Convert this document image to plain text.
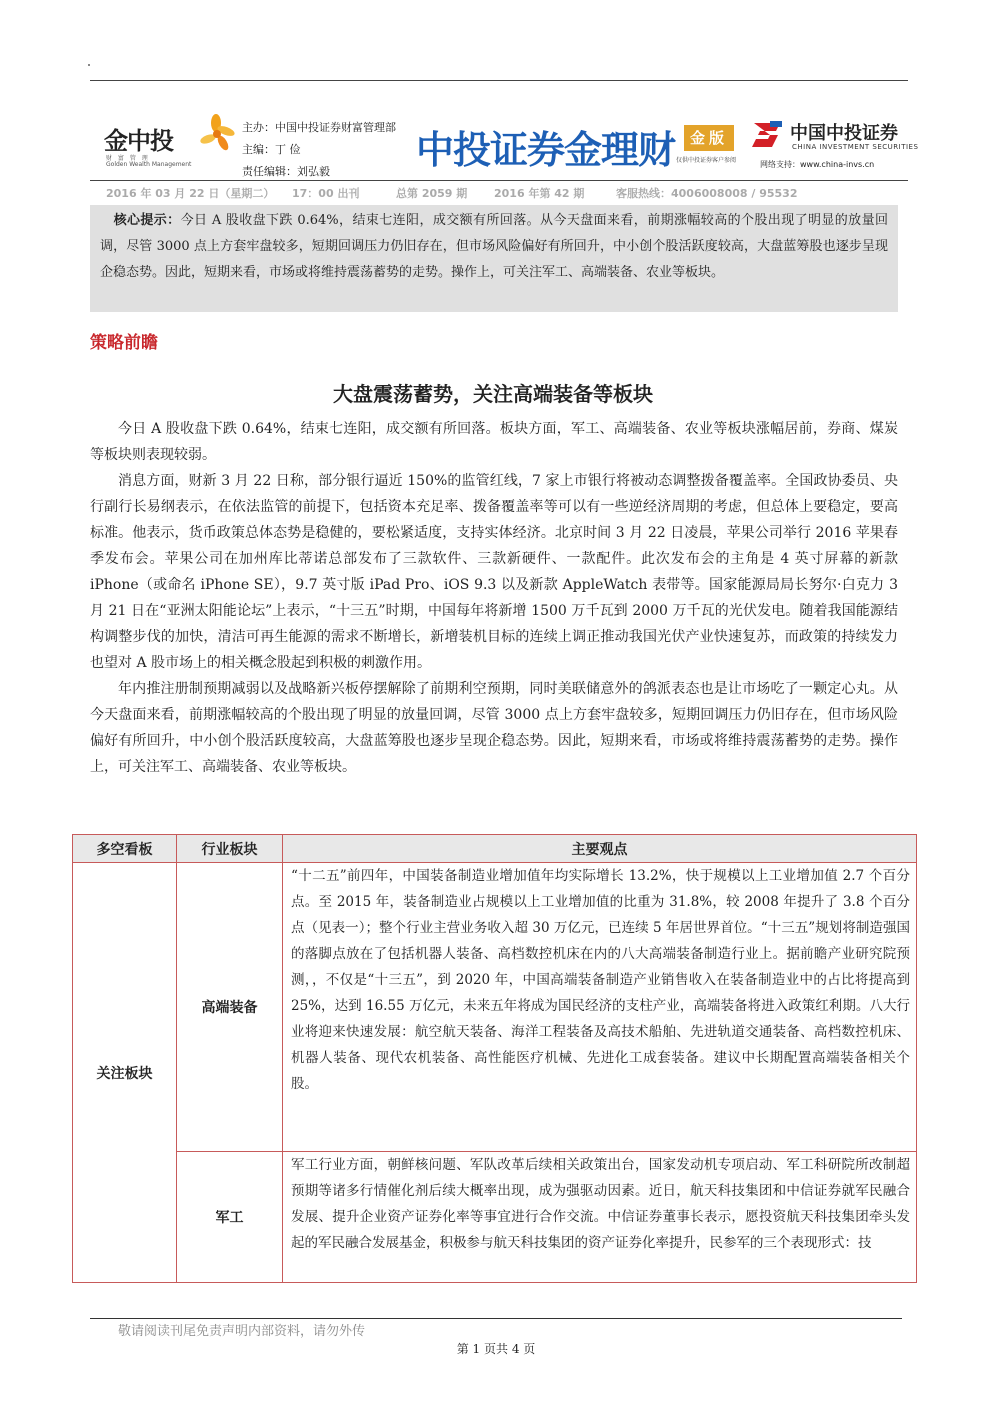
金中投
财 富 管 理
Golden Wealth Management
主办：中国中投证券财富管理部
主编：丁 俭
责任编辑：刘弘毅 中投证券金理财 金版
仅供中投证券客户参阅
中国中投证券
CHINA INVESTMENT SECURITIES
网络支持：www.china-invs.cn
2016 年 03 月 22 日（星期二） 17：00 出刊	总第 2059 期 2016 年第 42 期	客服热线：4006008008 / 95532
核心提示：今日 A 股收盘下跌 0.64%，结束七连阳，成交额有所回落。从今天盘面来看，前期涨幅较高的个股出现了明显的放量回调，尽管 3000 点上方套牢盘较多，短期回调压力仍旧存在，但市场风险偏好有所回升，中小创个股活跃度较高，大盘蓝筹股也逐步呈现企稳态势。因此，短期来看，市场或将维持震荡蓄势的走势。操作上，可关注军工、高端装备、农业等板块。
策略前瞻
大盘震荡蓄势，关注高端装备等板块

今日 A 股收盘下跌 0.64%，结束七连阳，成交额有所回落。板块方面，军工、高端装备、农业等板块涨幅居前，券商、煤炭等板块则表现较弱。

消息方面，财新 3 月 22 日称，部分银行逼近 150%的监管红线，7 家上市银行将被动态调整拨备覆盖率。全国政协委员、央行副行长易纲表示，在依法监管的前提下，包括资本充足率、拨备覆盖率等可以有一些逆经济周期的考虑，但总体上要稳定，要高标准。他表示，货币政策总体态势是稳健的，要松紧适度，支持实体经济。北京时间 3 月 22 日凌晨，苹果公司举行 2016 苹果春季发布会。苹果公司在加州库比蒂诺总部发布了三款软件、三款新硬件、一款配件。此次发布会的主角是 4 英寸屏幕的新款 iPhone（或命名 iPhone SE），9.7 英寸版 iPad Pro、iOS 9.3 以及新款 AppleWatch 表带等。国家能源局局长努尔·白克力 3 月 21 日在“亚洲太阳能论坛”上表示，“十三五”时期，中国每年将新增 1500 万千瓦到 2000 万千瓦的光伏发电。随着我国能源结构调整步伐的加快，清洁可再生能源的需求不断增长，新增装机目标的连续上调正推动我国光伏产业快速复苏，而政策的持续发力也望对 A 股市场上的相关概念股起到积极的刺激作用。

年内推注册制预期减弱以及战略新兴板停摆解除了前期利空预期，同时美联储意外的鸽派表态也是让市场吃了一颗定心丸。从今天盘面来看，前期涨幅较高的个股出现了明显的放量回调，尽管 3000 点上方套牢盘较多，短期回调压力仍旧存在，但市场风险偏好有所回升，中小创个股活跃度较高，大盘蓝筹股也逐步呈现企稳态势。因此，短期来看，市场或将维持震荡蓄势的走势。操作上，可关注军工、高端装备、农业等板块。

多空看板	行业板块	主要观点
关注板块	高端装备	“十二五”前四年，中国装备制造业增加值年均实际增长 13.2%，快于规模以上工业增加值 2.7 个百分点。至 2015 年，装备制造业占规模以上工业增加值的比重为 31.8%，较 2008 年提升了 3.8 个百分点（见表一）；整个行业主营业务收入超 30 万亿元，已连续 5 年居世界首位。“十三五”规划将制造强国的落脚点放在了包括机器人装备、高档数控机床在内的八大高端装备制造行业上。据前瞻产业研究院预测，，不仅是“十三五”，到 2020 年，中国高端装备制造产业销售收入在装备制造业中的占比将提高到 25%，达到 16.55 万亿元，未来五年将成为国民经济的支柱产业，高端装备将进入政策红利期。八大行业将迎来快速发展：航空航天装备、海洋工程装备及高技术船舶、先进轨道交通装备、高档数控机床、机器人装备、现代农机装备、高性能医疗机械、先进化工成套装备。建议中长期配置高端装备相关个股。
	军工	军工行业方面，朝鲜核问题、军队改革后续相关政策出台，国家发动机专项启动、军工科研院所改制超预期等诸多行情催化剂后续大概率出现，成为强驱动因素。近日，航天科技集团和中信证券就军民融合发展、提升企业资产证券化率等事宜进行合作交流。中信证券董事长表示，愿投资航天科技集团牵头发起的军民融合发展基金，积极参与航天科技集团的资产证券化率提升，民参军的三个表现形式：技
敬请阅读刊尾免责声明内部资料，请勿外传
第 1 页共 4 页
